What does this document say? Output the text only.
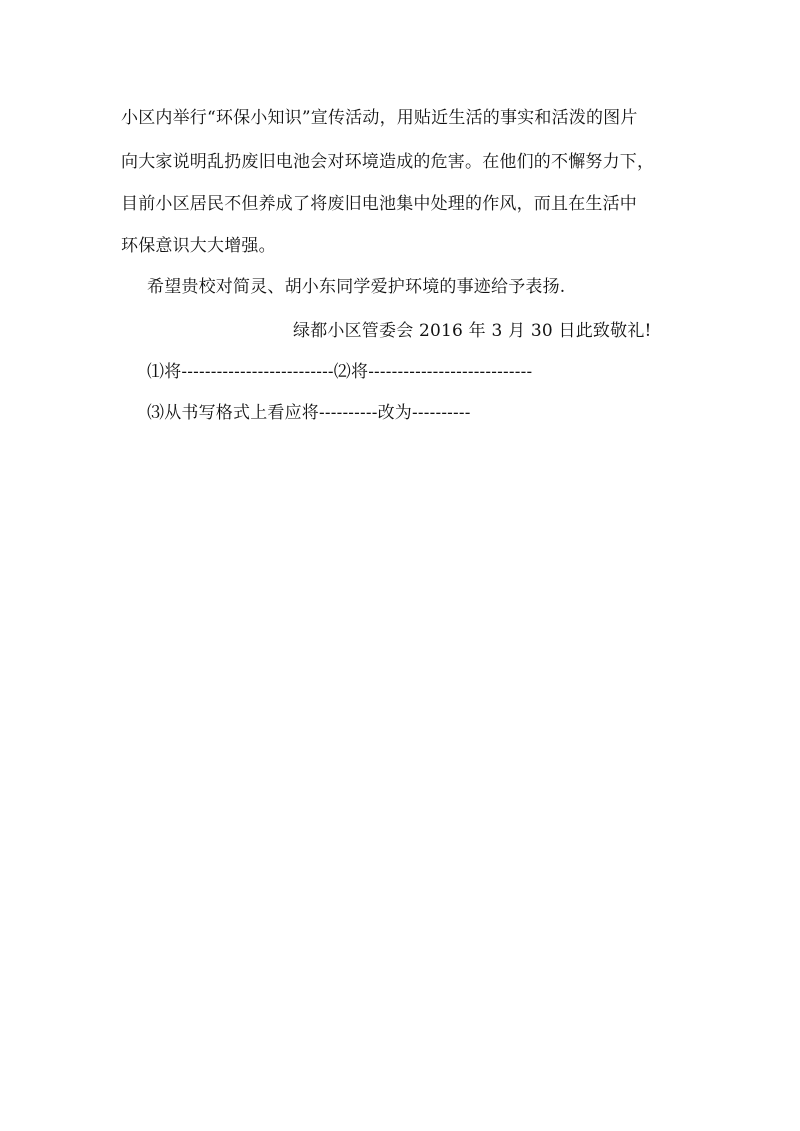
小区内举行“环保小知识”宣传活动，用贴近生活的事实和活泼的图片
向大家说明乱扔废旧电池会对环境造成的危害。在他们的不懈努力下，
目前小区居民不但养成了将废旧电池集中处理的作风，而且在生活中
环保意识大大增强。
希望贵校对简灵、胡小东同学爱护环境的事迹给予表扬.
绿都小区管委会 2016 年 3 月 30 日此致敬礼!
⑴将--------------------------⑵将----------------------------
⑶从书写格式上看应将----------改为----------
